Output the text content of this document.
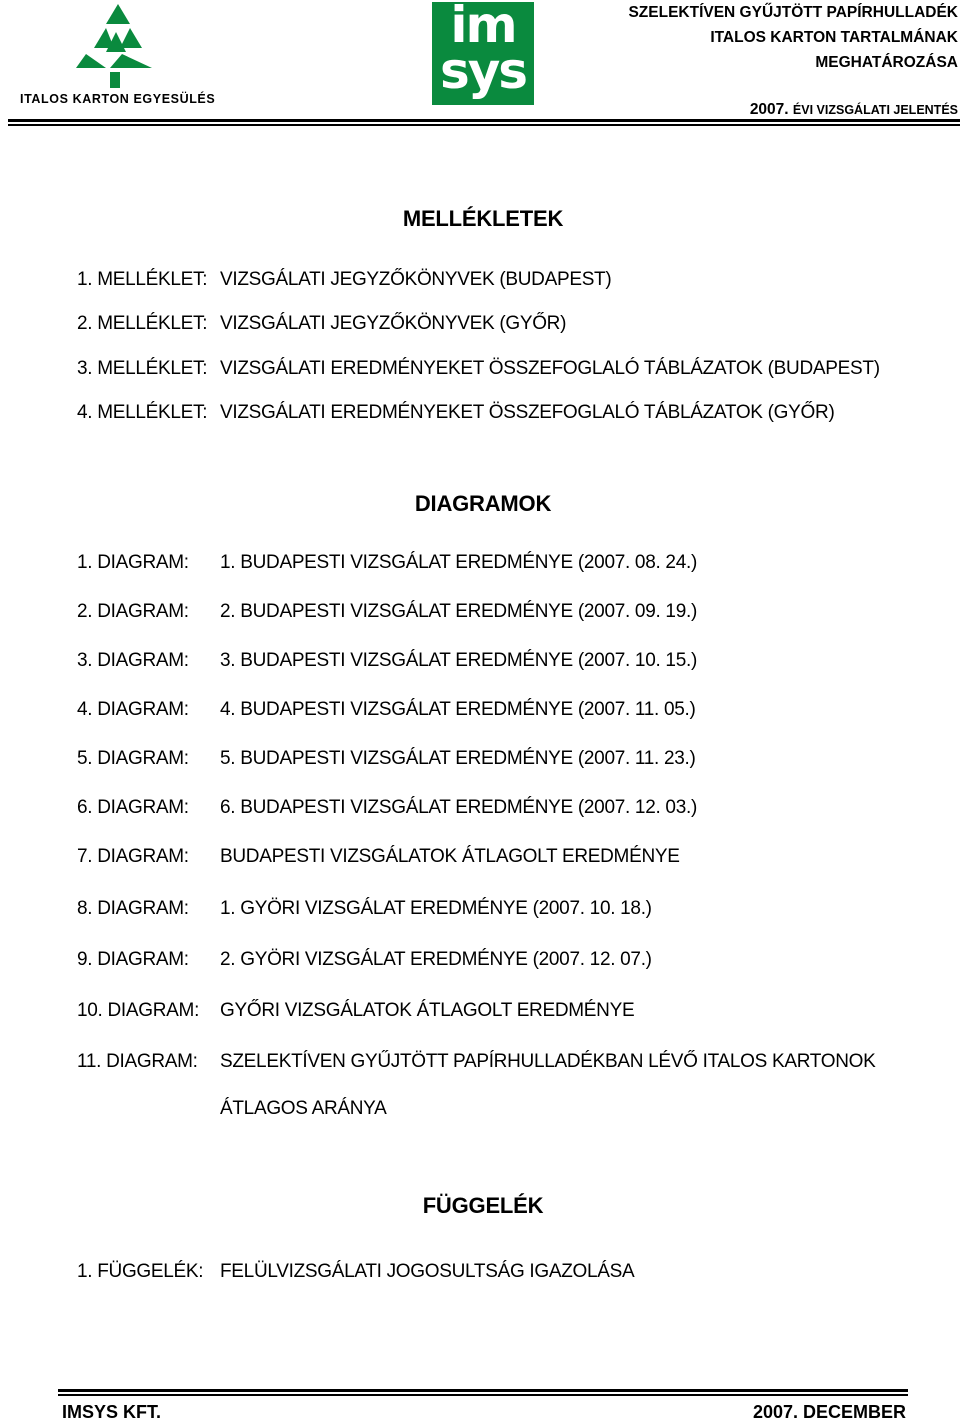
ITALOS KARTON EGYESÜLÉS
im
sys
SZELEKTÍVEN GYŰJTÖTT PAPÍRHULLADÉK
ITALOS KARTON TARTALMÁNAK
MEGHATÁROZÁSA
2007. ÉVI VIZSGÁLATI JELENTÉS
MELLÉKLETEK
1. MELLÉKLET: VIZSGÁLATI JEGYZŐKÖNYVEK (BUDAPEST)
2. MELLÉKLET: VIZSGÁLATI JEGYZŐKÖNYVEK (GYŐR)
3. MELLÉKLET: VIZSGÁLATI EREDMÉNYEKET ÖSSZEFOGLALÓ TÁBLÁZATOK (BUDAPEST)
4. MELLÉKLET: VIZSGÁLATI EREDMÉNYEKET ÖSSZEFOGLALÓ TÁBLÁZATOK (GYŐR)
DIAGRAMOK
1. DIAGRAM: 1. BUDAPESTI VIZSGÁLAT EREDMÉNYE (2007. 08. 24.)
2. DIAGRAM: 2. BUDAPESTI VIZSGÁLAT EREDMÉNYE (2007. 09. 19.)
3. DIAGRAM: 3. BUDAPESTI VIZSGÁLAT EREDMÉNYE (2007. 10. 15.)
4. DIAGRAM: 4. BUDAPESTI VIZSGÁLAT EREDMÉNYE (2007. 11. 05.)
5. DIAGRAM: 5. BUDAPESTI VIZSGÁLAT EREDMÉNYE (2007. 11. 23.)
6. DIAGRAM: 6. BUDAPESTI VIZSGÁLAT EREDMÉNYE (2007. 12. 03.)
7. DIAGRAM: BUDAPESTI VIZSGÁLATOK ÁTLAGOLT EREDMÉNYE
8. DIAGRAM: 1. GYÖRI VIZSGÁLAT EREDMÉNYE (2007. 10. 18.)
9. DIAGRAM: 2. GYÖRI VIZSGÁLAT EREDMÉNYE (2007. 12. 07.)
10. DIAGRAM: GYŐRI VIZSGÁLATOK ÁTLAGOLT EREDMÉNYE
11. DIAGRAM: SZELEKTÍVEN GYŰJTÖTT PAPÍRHULLADÉKBAN LÉVŐ ITALOS KARTONOK
ÁTLAGOS ARÁNYA
FÜGGELÉK
1. FÜGGELÉK: FELÜLVIZSGÁLATI JOGOSULTSÁG IGAZOLÁSA
IMSYS KFT.	2007. DECEMBER
